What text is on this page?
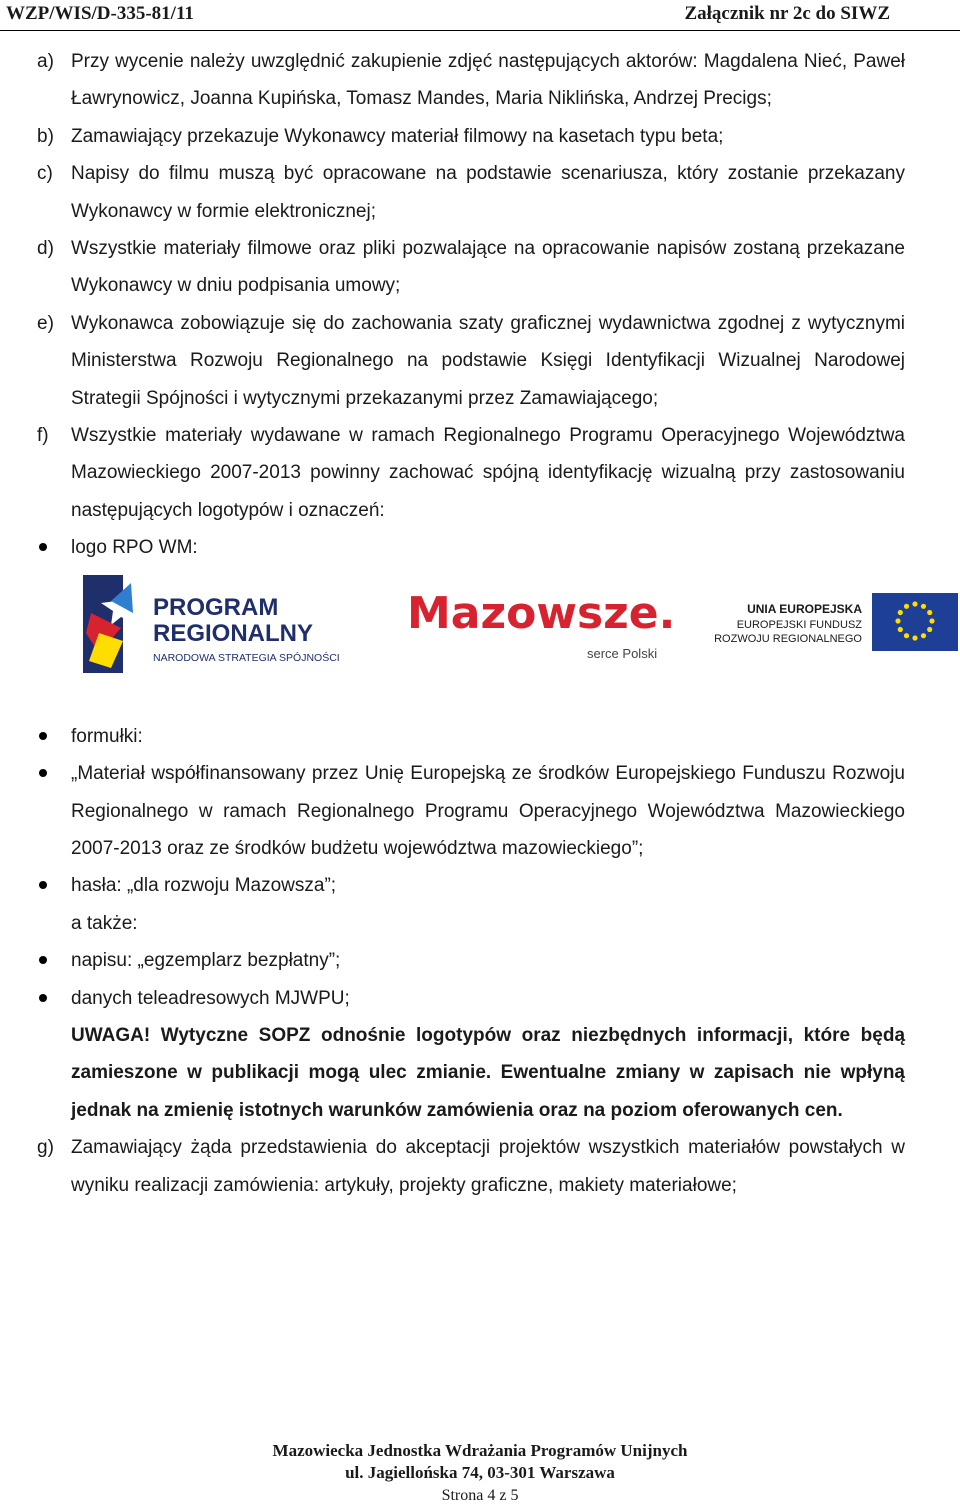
WZP/WIS/D-335-81/11	Załącznik nr 2c do SIWZ
a) Przy wycenie należy uwzględnić zakupienie zdjęć następujących aktorów: Magdalena Nieć, Paweł Ławrynowicz, Joanna Kupińska, Tomasz Mandes, Maria Niklińska, Andrzej Precigs;
b) Zamawiający przekazuje Wykonawcy materiał filmowy na kasetach typu beta;
c) Napisy do filmu muszą być opracowane na podstawie scenariusza, który zostanie przekazany Wykonawcy w formie elektronicznej;
d) Wszystkie materiały filmowe oraz pliki pozwalające na opracowanie napisów zostaną przekazane Wykonawcy w dniu podpisania umowy;
e) Wykonawca zobowiązuje się do zachowania szaty graficznej wydawnictwa zgodnej z wytycznymi Ministerstwa Rozwoju Regionalnego na podstawie Księgi Identyfikacji Wizualnej Narodowej Strategii Spójności i wytycznymi przekazanymi przez Zamawiającego;
f)	Wszystkie materiały wydawane w ramach Regionalnego Programu Operacyjnego Województwa Mazowieckiego 2007-2013 powinny zachować spójną identyfikację wizualną przy zastosowaniu następujących logotypów i oznaczeń:
logo RPO WM:
PROGRAM
REGIONALNY
NARODOWA STRATEGIA SPÓJNOŚCI
Mazowsze.
serce Polski
UNIA EUROPEJSKA
EUROPEJSKI FUNDUSZ
ROZWOJU REGIONALNEGO
formułki:
„Materiał współfinansowany przez Unię Europejską ze środków Europejskiego Funduszu Rozwoju Regionalnego w ramach Regionalnego Programu Operacyjnego Województwa Mazowieckiego 2007-2013 oraz ze środków budżetu województwa mazowieckiego”;
hasła: „dla rozwoju Mazowsza”;
a także:
napisu: „egzemplarz bezpłatny”;
danych teleadresowych MJWPU;
UWAGA! Wytyczne SOPZ odnośnie logotypów oraz niezbędnych informacji, które będą zamieszone w publikacji mogą ulec zmianie. Ewentualne zmiany w zapisach nie wpłyną jednak na zmienię istotnych warunków zamówienia oraz na poziom oferowanych cen.
g) Zamawiający żąda przedstawienia do akceptacji projektów wszystkich materiałów powstałych w wyniku realizacji zamówienia: artykuły, projekty graficzne, makiety materiałowe;
Mazowiecka Jednostka Wdrażania Programów Unijnych
ul. Jagiellońska 74, 03-301 Warszawa
Strona 4 z 5
